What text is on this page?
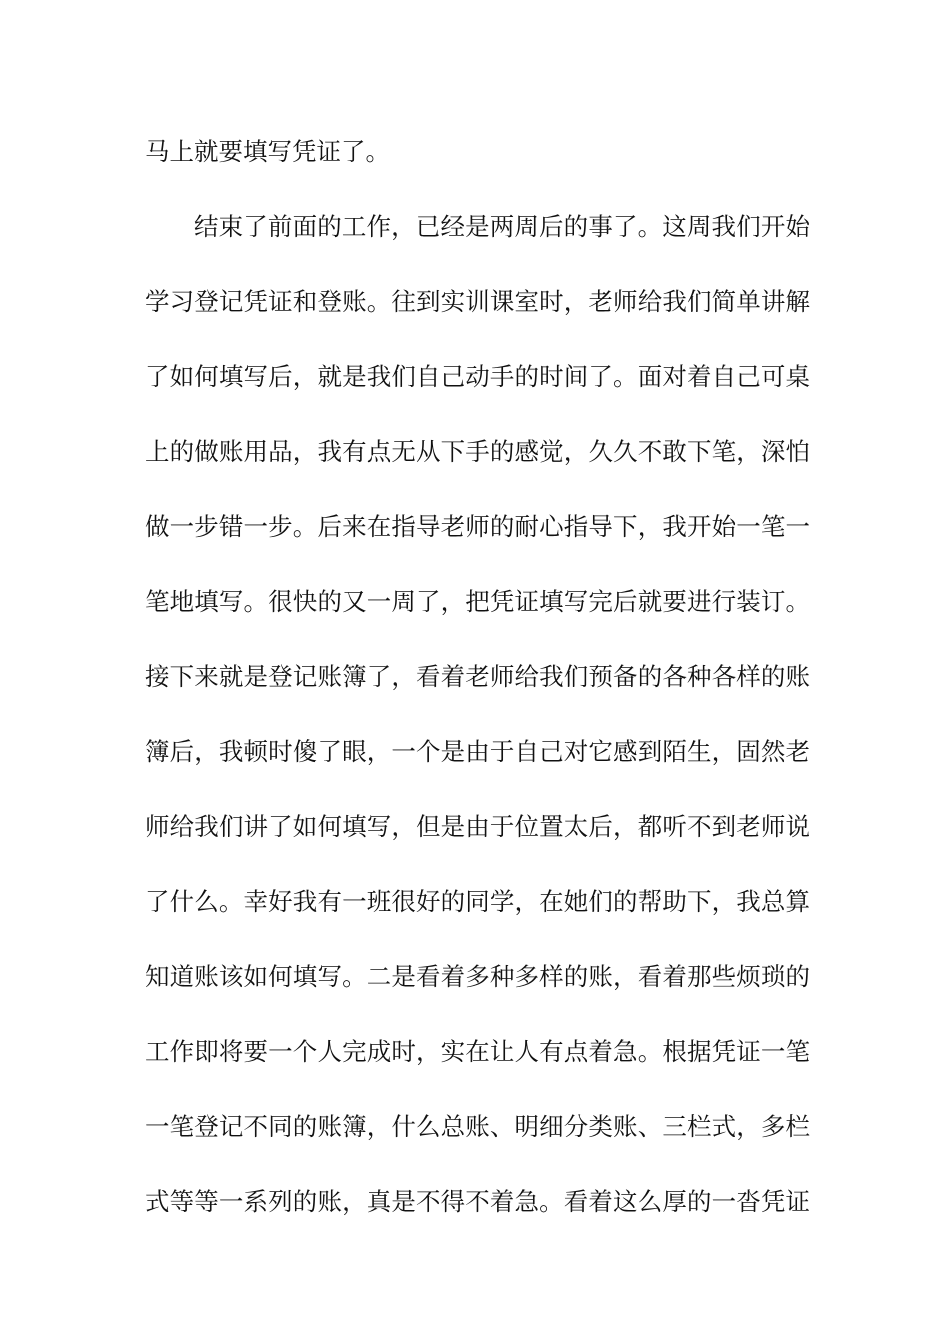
马上就要填写凭证了。
结束了前面的工作，已经是两周后的事了。这周我们开始
学习登记凭证和登账。往到实训课室时，老师给我们简单讲解
了如何填写后，就是我们自己动手的时间了。面对着自己可桌
上的做账用品，我有点无从下手的感觉，久久不敢下笔，深怕
做一步错一步。后来在指导老师的耐心指导下，我开始一笔一
笔地填写。很快的又一周了，把凭证填写完后就要进行装订。
接下来就是登记账簿了，看着老师给我们预备的各种各样的账
簿后，我顿时傻了眼，一个是由于自己对它感到陌生，固然老
师给我们讲了如何填写，但是由于位置太后，都听不到老师说
了什么。幸好我有一班很好的同学，在她们的帮助下，我总算
知道账该如何填写。二是看着多种多样的账，看着那些烦琐的
工作即将要一个人完成时，实在让人有点着急。根据凭证一笔
一笔登记不同的账簿，什么总账、明细分类账、三栏式，多栏
式等等一系列的账，真是不得不着急。看着这么厚的一沓凭证
